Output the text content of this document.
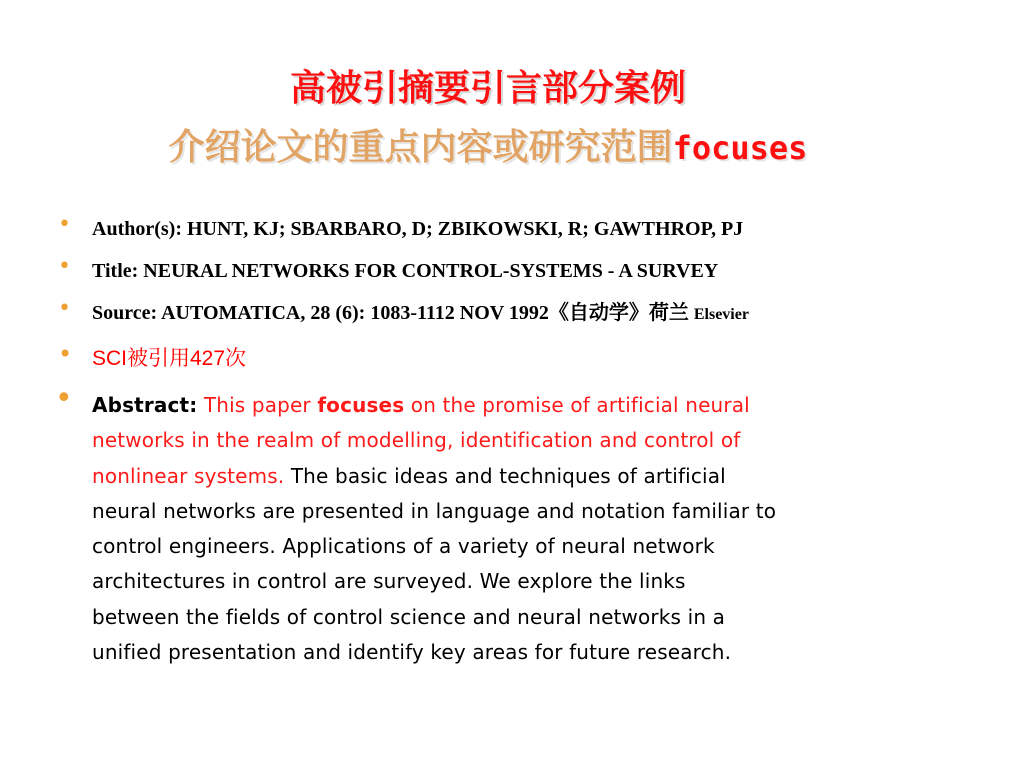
高被引摘要引言部分案例
介绍论文的重点内容或研究范围focuses
• Author(s): HUNT, KJ; SBARBARO, D; ZBIKOWSKI, R; GAWTHROP, PJ
• Title: NEURAL NETWORKS FOR CONTROL-SYSTEMS - A SURVEY
• Source: AUTOMATICA, 28 (6): 1083-1112 NOV 1992《自动学》荷兰 Elsevier
• SCI被引用427次
• Abstract: This paper focuses on the promise of artificial neural
networks in the realm of modelling, identification and control of
nonlinear systems. The basic ideas and techniques of artificial
neural networks are presented in language and notation familiar to
control engineers. Applications of a variety of neural network
architectures in control are surveyed. We explore the links
between the fields of control science and neural networks in a
unified presentation and identify key areas for future research.
